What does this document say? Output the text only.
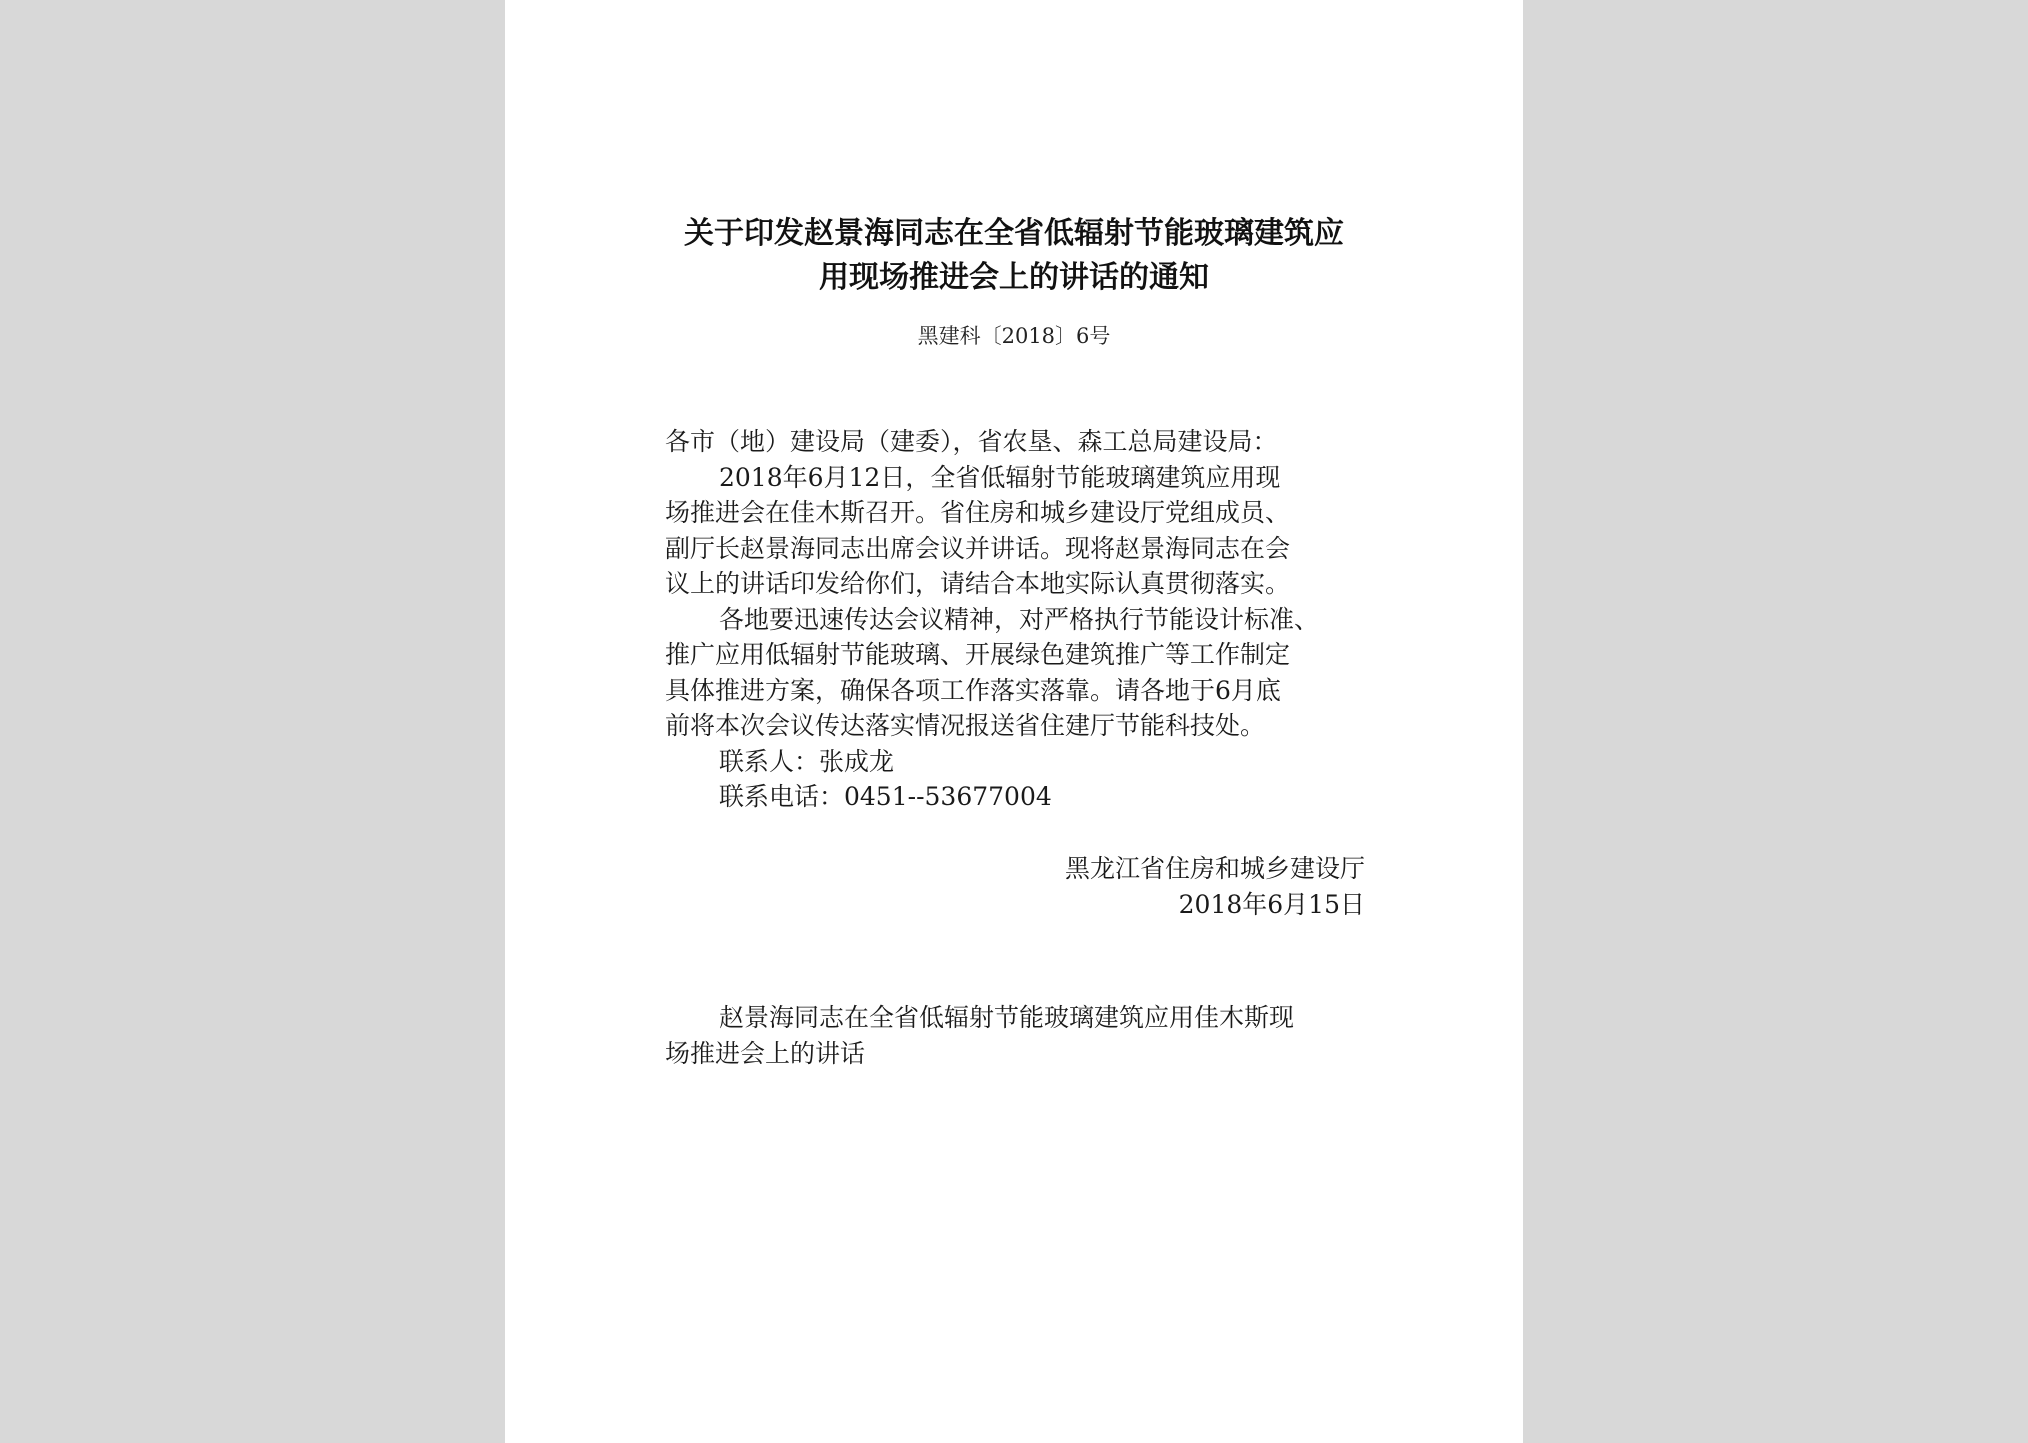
关于印发赵景海同志在全省低辐射节能玻璃建筑应
用现场推进会上的讲话的通知
黑建科〔2018〕6号
各市（地）建设局（建委），省农垦、森工总局建设局：
2018年6月12日，全省低辐射节能玻璃建筑应用现
场推进会在佳木斯召开。省住房和城乡建设厅党组成员、
副厅长赵景海同志出席会议并讲话。现将赵景海同志在会
议上的讲话印发给你们，请结合本地实际认真贯彻落实。
各地要迅速传达会议精神，对严格执行节能设计标准、
推广应用低辐射节能玻璃、开展绿色建筑推广等工作制定
具体推进方案，确保各项工作落实落靠。请各地于6月底
前将本次会议传达落实情况报送省住建厅节能科技处。
联系人：张成龙
联系电话：0451--53677004
黑龙江省住房和城乡建设厅
2018年6月15日
赵景海同志在全省低辐射节能玻璃建筑应用佳木斯现
场推进会上的讲话
